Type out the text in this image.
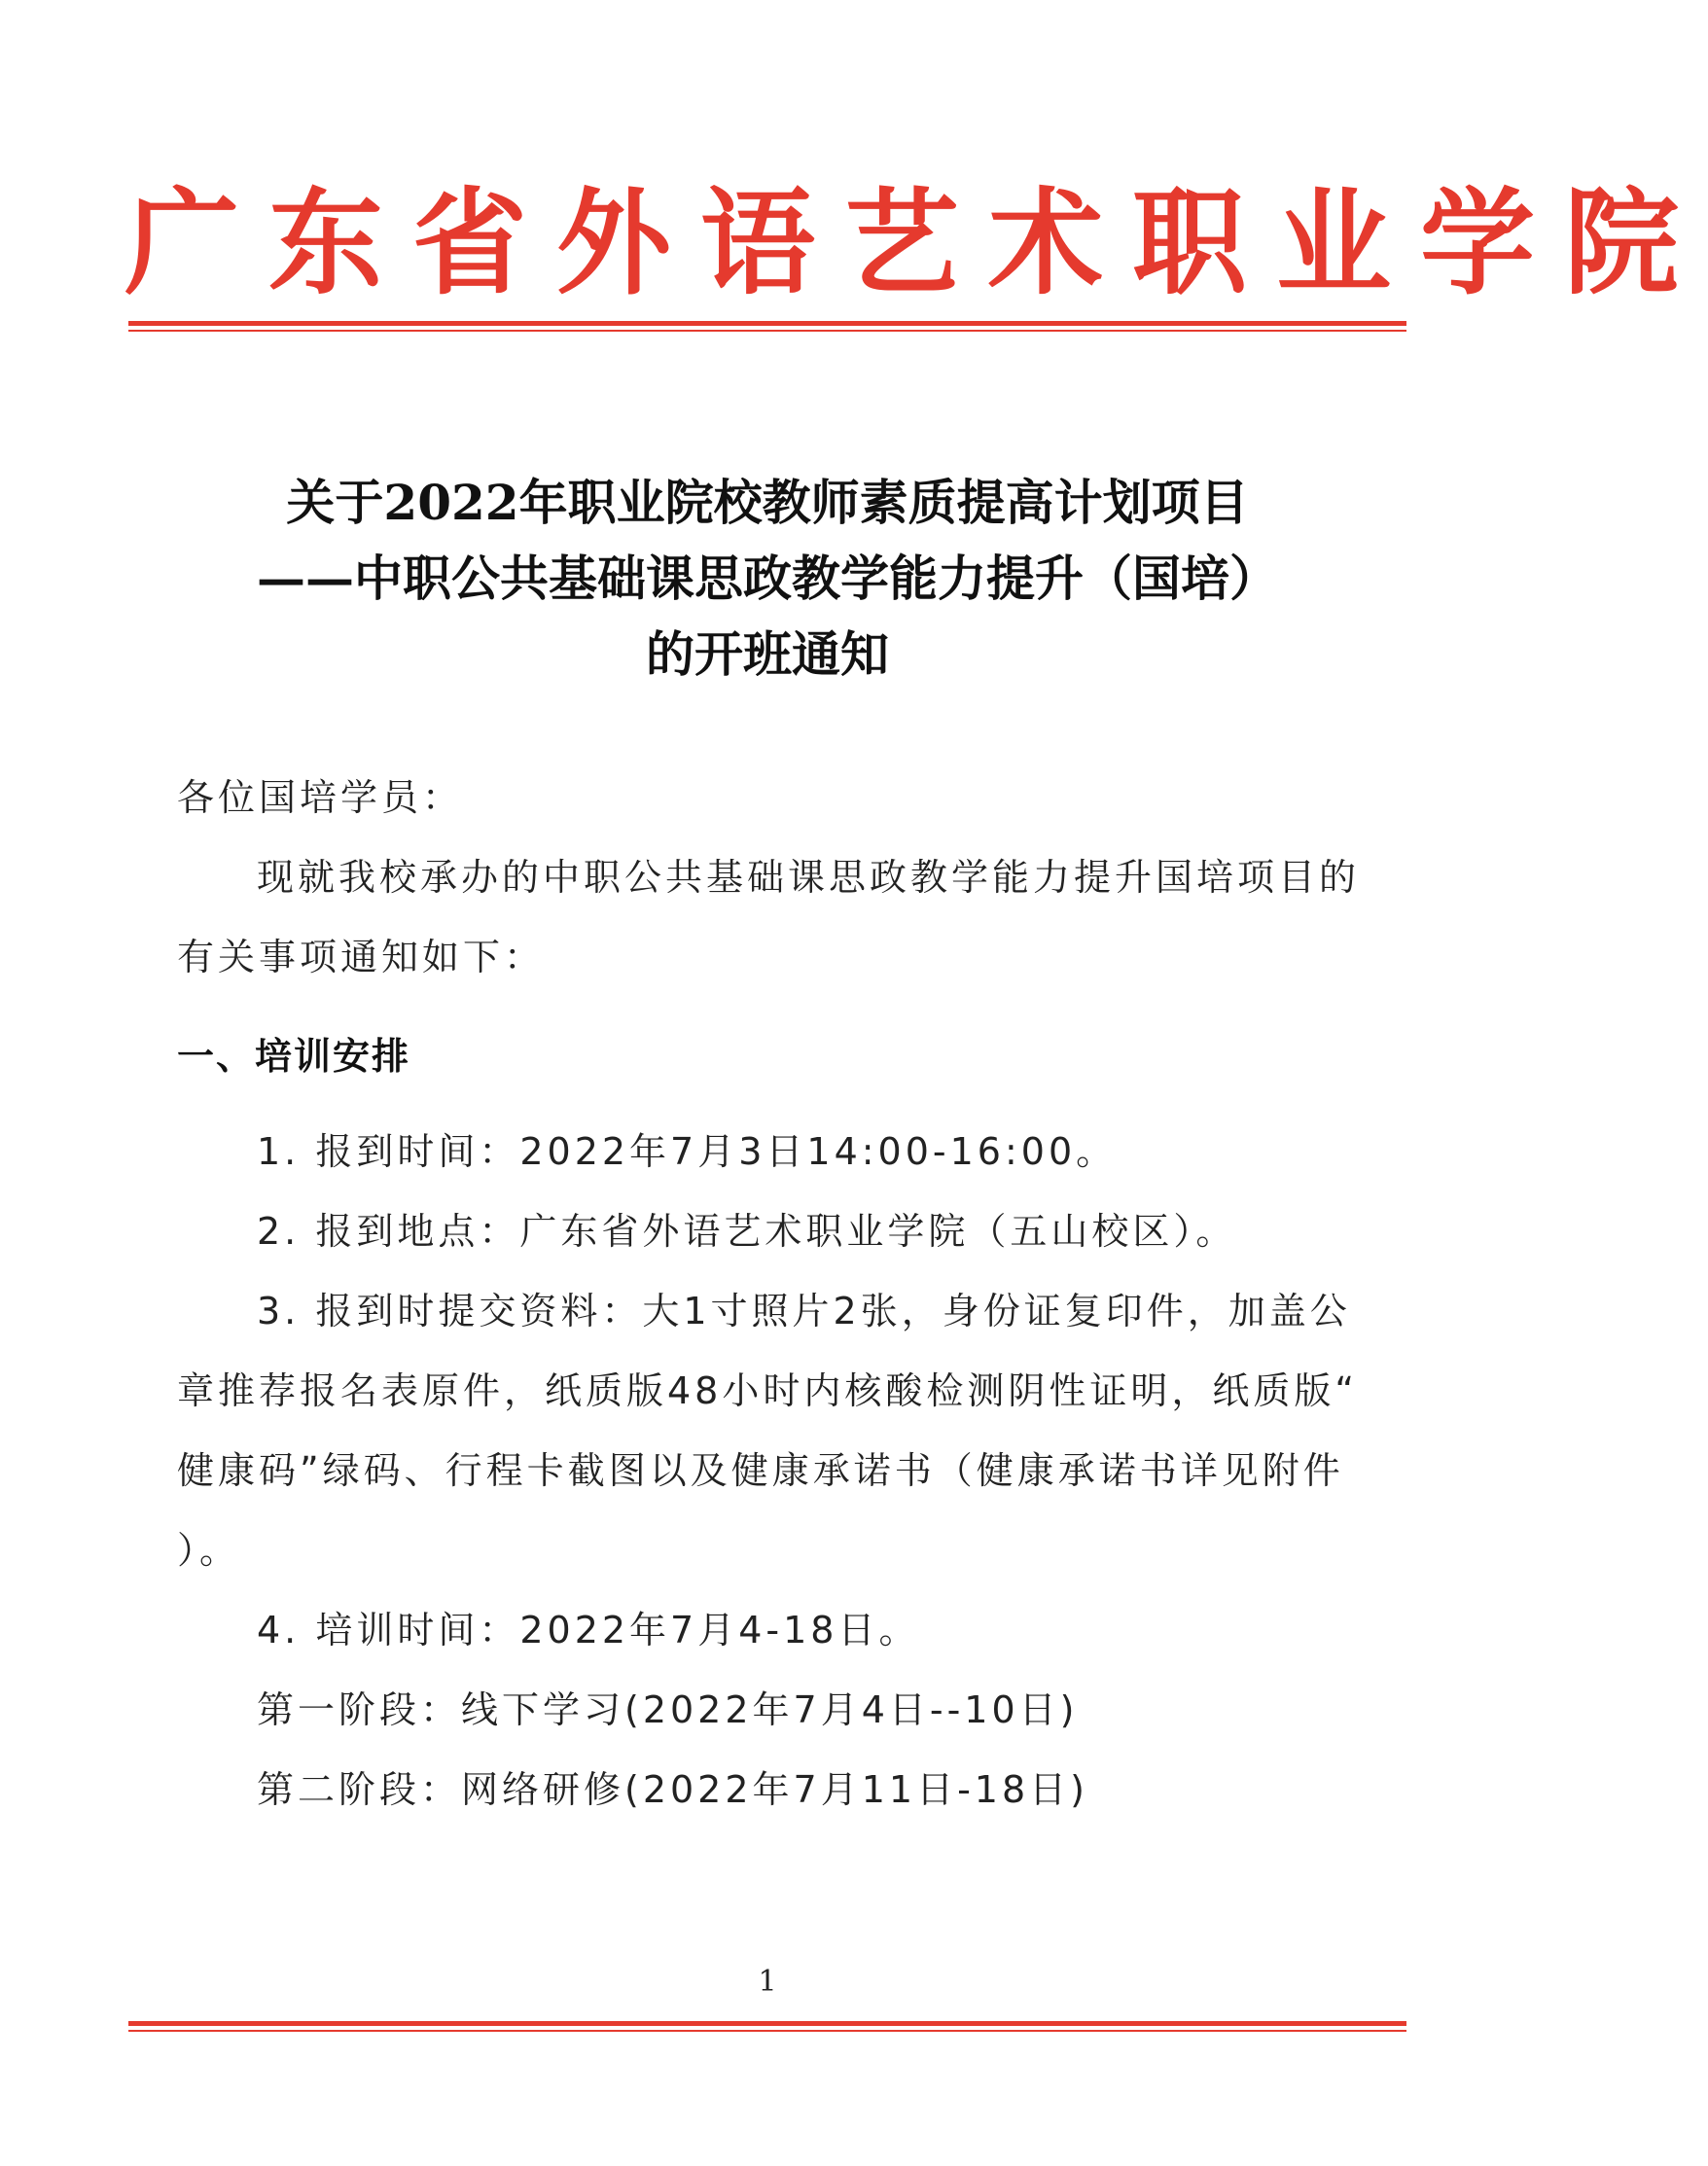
广东省外语艺术职业学院
关于2022年职业院校教师素质提高计划项目
——中职公共基础课思政教学能力提升（国培）
的开班通知
各位国培学员：
现就我校承办的中职公共基础课思政教学能力提升国培项目的
有关事项通知如下：
一、培训安排
1. 报到时间：2022年7月3日14:00-16:00。
2. 报到地点：广东省外语艺术职业学院（五山校区）。
3. 报到时提交资料：大1寸照片2张，身份证复印件，加盖公
章推荐报名表原件，纸质版48小时内核酸检测阴性证明，纸质版“
健康码”绿码、行程卡截图以及健康承诺书（健康承诺书详见附件
）。
4. 培训时间：2022年7月4-18日。
第一阶段：线下学习(2022年7月4日--10日)
第二阶段：网络研修(2022年7月11日-18日)
1
